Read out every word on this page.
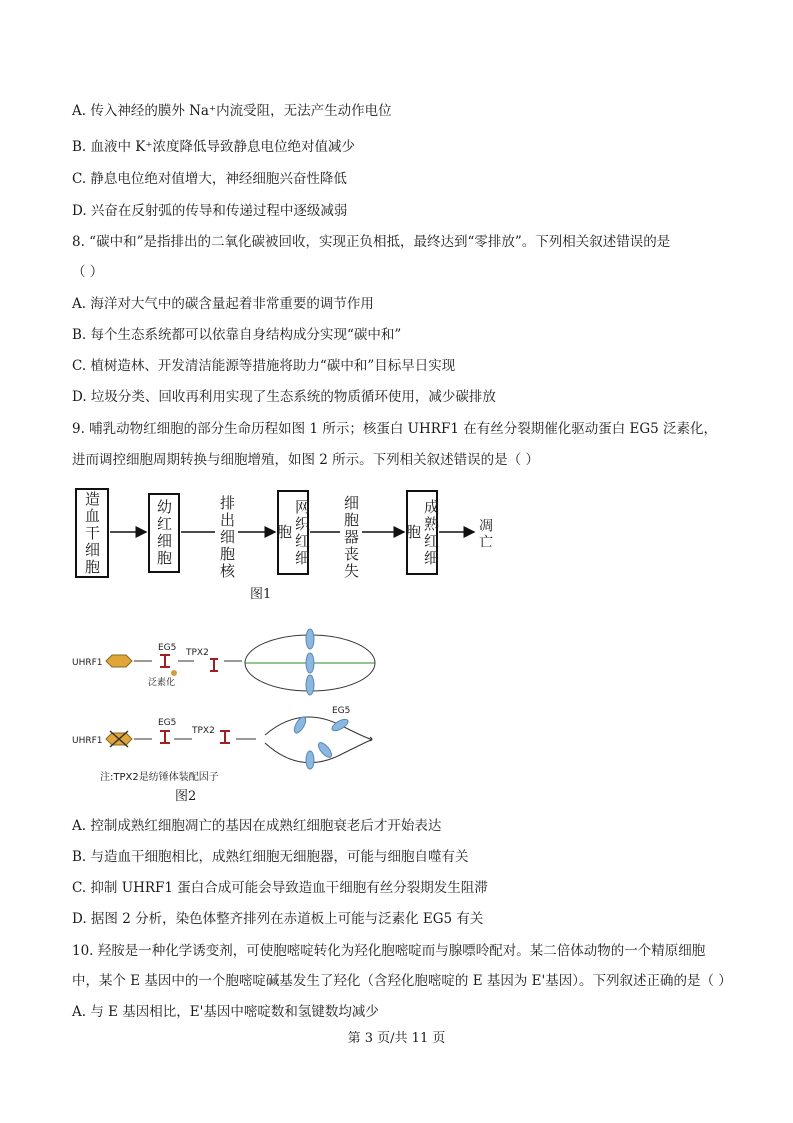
A. 传入神经的膜外 Na⁺内流受阻，无法产生动作电位
B. 血液中 K⁺浓度降低导致静息电位绝对值减少
C. 静息电位绝对值增大，神经细胞兴奋性降低
D. 兴奋在反射弧的传导和传递过程中逐级减弱
8. “碳中和”是指排出的二氧化碳被回收，实现正负相抵，最终达到“零排放”。下列相关叙述错误的是
（ ）
A. 海洋对大气中的碳含量起着非常重要的调节作用
B. 每个生态系统都可以依靠自身结构成分实现“碳中和”
C. 植树造林、开发清洁能源等措施将助力“碳中和”目标早日实现
D. 垃圾分类、回收再利用实现了生态系统的物质循环使用，减少碳排放
9. 哺乳动物红细胞的部分生命历程如图 1 所示；核蛋白 UHRF1 在有丝分裂期催化驱动蛋白 EG5 泛素化，
进而调控细胞周期转换与细胞增殖，如图 2 所示。下列相关叙述错误的是（ ）
造血干细胞	幼红细胞	排出细胞核	网织红细胞	细胞器丧失	成熟红细胞	凋亡
图1
UHRF1
EG5
泛素化
TPX2
UHRF1
EG5
TPX2
EG5
注:TPX2是纺锤体装配因子
图2
A. 控制成熟红细胞凋亡的基因在成熟红细胞衰老后才开始表达
B. 与造血干细胞相比，成熟红细胞无细胞器，可能与细胞自噬有关
C. 抑制 UHRF1 蛋白合成可能会导致造血干细胞有丝分裂期发生阻滞
D. 据图 2 分析，染色体整齐排列在赤道板上可能与泛素化 EG5 有关
10. 羟胺是一种化学诱变剂，可使胞嘧啶转化为羟化胞嘧啶而与腺嘌呤配对。某二倍体动物的一个精原细胞
中，某个 E 基因中的一个胞嘧啶碱基发生了羟化（含羟化胞嘧啶的 E 基因为 E'基因）。下列叙述正确的是（ ）
A. 与 E 基因相比，E'基因中嘧啶数和氢键数均减少
第 3 页/共 11 页
